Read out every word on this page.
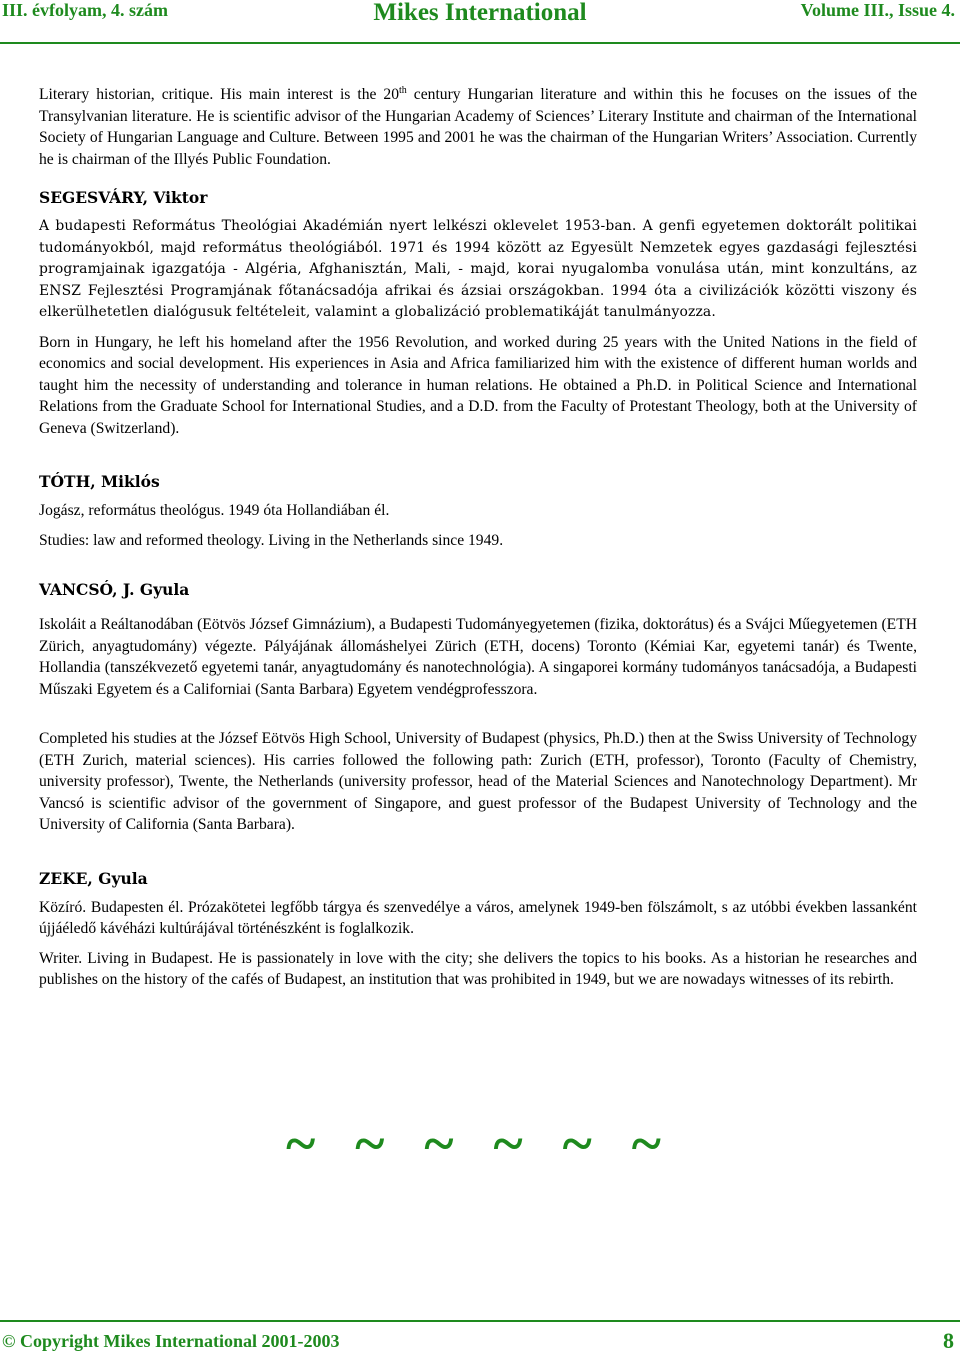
III. évfolyam, 4. szám	Mikes International	Volume III., Issue 4.

Literary historian, critique. His main interest is the 20th century Hungarian literature and within this he focuses on the issues of the Transylvanian literature. He is scientific advisor of the Hungarian Academy of Sciences’ Literary Institute and chairman of the International Society of Hungarian Language and Culture. Between 1995 and 2001 he was the chairman of the Hungarian Writers’ Association. Currently he is chairman of the Illyés Public Foundation.

SEGESVÁRY, Viktor

A budapesti Református Theológiai Akadémián nyert lelkészi oklevelet 1953-ban. A genfi egyetemen doktorált politikai tudományokból, majd református theológiából. 1971 és 1994 között az Egyesült Nemzetek egyes gazdasági fejlesztési programjainak igazgatója - Algéria, Afghanisztán, Mali, - majd, korai nyugalomba vonulása után, mint konzultáns, az ENSZ Fejlesztési Programjának főtanácsadója afrikai és ázsiai országokban. 1994 óta a civilizációk közötti viszony és elkerülhetetlen dialógusuk feltételeit, valamint a globalizáció problematikáját tanulmányozza.

Born in Hungary, he left his homeland after the 1956 Revolution, and worked during 25 years with the United Nations in the field of economics and social development. His experiences in Asia and Africa familiarized him with the existence of different human worlds and taught him the necessity of understanding and tolerance in human relations. He obtained a Ph.D. in Political Science and International Relations from the Graduate School for International Studies, and a D.D. from the Faculty of Protestant Theology, both at the University of Geneva (Switzerland).

TÓTH, Miklós

Jogász, református theológus. 1949 óta Hollandiában él.

Studies: law and reformed theology. Living in the Netherlands since 1949.

VANCSÓ, J. Gyula

Iskoláit a Reáltanodában (Eötvös József Gimnázium), a Budapesti Tudományegyetemen (fizika, doktorátus) és a Svájci Műegyetemen (ETH Zürich, anyagtudomány) végezte. Pályájának állomáshelyei Zürich (ETH, docens) Toronto (Kémiai Kar, egyetemi tanár) és Twente, Hollandia (tanszékvezető egyetemi tanár, anyagtudomány és nanotechnológia). A singaporei kormány tudományos tanácsadója, a Budapesti Műszaki Egyetem és a Californiai (Santa Barbara) Egyetem vendégprofesszora.

Completed his studies at the József Eötvös High School, University of Budapest (physics, Ph.D.) then at the Swiss University of Technology (ETH Zurich, material sciences). His carries followed the following path: Zurich (ETH, professor), Toronto (Faculty of Chemistry, university professor), Twente, the Netherlands (university professor, head of the Material Sciences and Nanotechnology Department). Mr Vancsó is scientific advisor of the government of Singapore, and guest professor of the Budapest University of Technology and the University of California (Santa Barbara).

ZEKE, Gyula

Közíró. Budapesten él. Prózakötetei legfőbb tárgya és szenvedélye a város, amelynek 1949-ben fölszámolt, s az utóbbi években lassanként újjáéledő kávéházi kultúrájával történészként is foglalkozik.

Writer. Living in Budapest. He is passionately in love with the city; she delivers the topics to his books. As a historian he researches and publishes on the history of the cafés of Budapest, an institution that was prohibited in 1949, but we are nowadays witnesses of its rebirth.

~ ~ ~ ~ ~ ~
© Copyright Mikes International 2001-2003	8
